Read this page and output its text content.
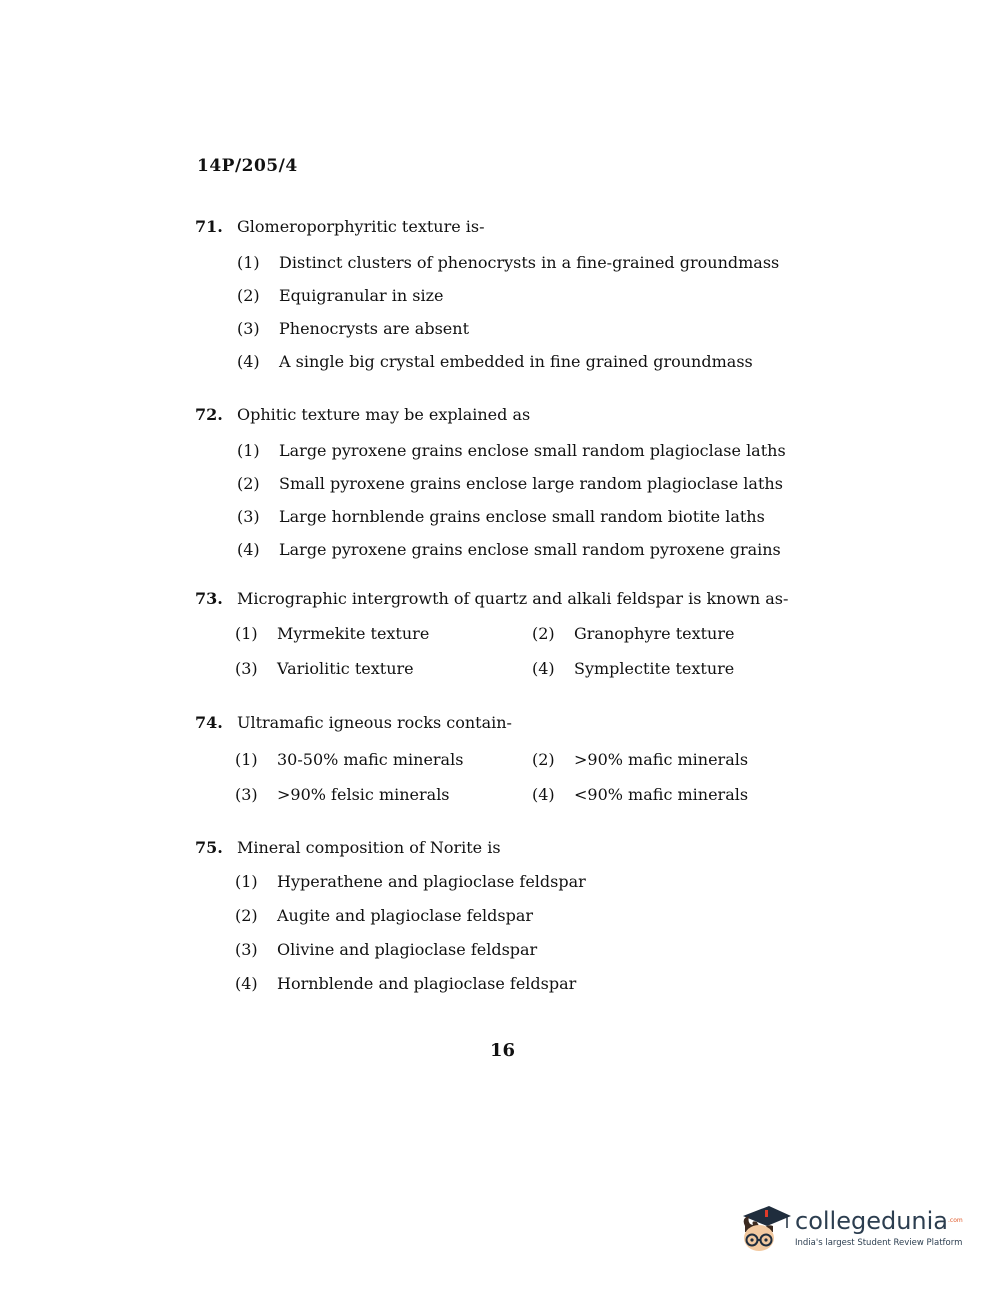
14P/205/4
71. Glomeroporphyritic texture is-
(1)	Distinct clusters of phenocrysts in a fine-grained groundmass
(2)	Equigranular in size
(3)	Phenocrysts are absent
(4)	A single big crystal embedded in fine grained groundmass
72. Ophitic texture may be explained as
(1)	Large pyroxene grains enclose small random plagioclase laths
(2)	Small pyroxene grains enclose large random plagioclase laths
(3)	Large hornblende grains enclose small random biotite laths
(4)	Large pyroxene grains enclose small random pyroxene grains
73. Micrographic intergrowth of quartz and alkali feldspar is known as-
(1)	Myrmekite texture	(2)	Granophyre texture
(3)	Variolitic texture	(4)	Symplectite texture
74. Ultramafic igneous rocks contain-
(1)	30-50% mafic minerals	(2)	>90% mafic minerals
(3)	>90% felsic minerals	(4)	<90% mafic minerals
75. Mineral composition of Norite is
(1)	Hyperathene and plagioclase feldspar
(2)	Augite and plagioclase feldspar
(3)	Olivine and plagioclase feldspar
(4)	Hornblende and plagioclase feldspar
16
collegedunia$^{.com}$
India's largest Student Review Platform
